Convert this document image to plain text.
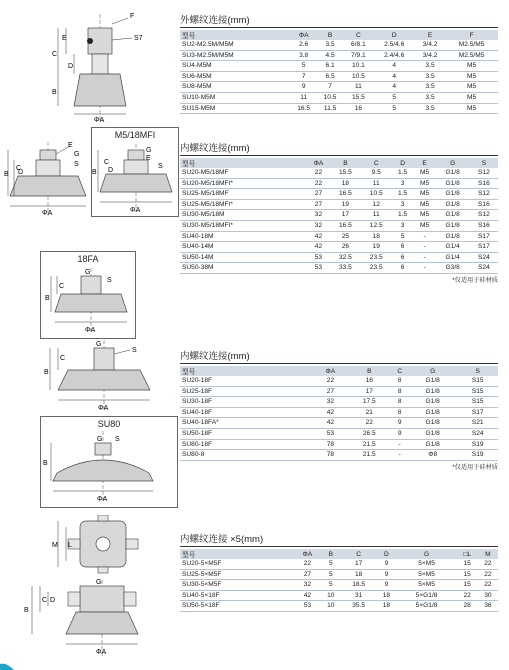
F
S7
E
D
C
B
ΦA
E
G
S
D
C
B
ΦA
M5/18MFI
G
E
S
D
C
B
ΦA
18FA
G
S
C
B
ΦA
G
S
C
B
ΦA
SU80
G S
B
ΦA
M L
G
D
C
B
ΦA
外螺纹连接(mm)
型号	ΦA	B	C	D	E	F
SU2-M2.5M/M5M	2.6	3.5	6/8.1	2.5/4.6	3/4.2	M2.5/M5
SU3-M2.5M/M5M	3.8	4.5	7/9.1	2.4/4.6	3/4.2	M2.5/M5
SU4-M5M	5	6.1	10.1	4	3.5	M5
SU6-M5M	7	6.5	10.5	4	3.5	M5
SU8-M5M	9	7	11	4	3.5	M5
SU10-M5M	11	10.5	15.5	5	3.5	M5
SU15-M5M	16.5	11.5	16	5	3.5	M5
内螺纹连接(mm)
型号	ΦA	B	C	D	E	G	S
SU20-M5/18MF	22	15.5	9.5	1.5	M5	G1/8	S12
SU20-M5/18MFI*	22	18	11	3	M5	G1/8	S16
SU25-M5/18MF	27	16.5	10.5	1.5	M5	G1/8	S12
SU25-M5/18MFI*	27	19	12	3	M5	G1/8	S16
SU30-M5/18M	32	17	11	1.5	M5	G1/8	S12
SU30-M5/18MFI*	32	16.5	12.5	3	M5	G1/8	S16
SU40-18M	42	25	18	5	-	G1/8	S17
SU40-14M	42	26	19	6	-	G1/4	S17
SU50-14M	53	32.5	23.5	6	-	G1/4	S24
SU50-38M	53	33.5	23.5	6	-	G3/8	S24
*仅适用于硅材质
内螺纹连接(mm)
型号	ΦA	B	C	G	S
SU20-18F	22	16	8	G1/8	S15
SU25-18F	27	17	8	G1/8	S15
SU30-18F	32	17.5	8	G1/8	S15
SU40-18F	42	21	8	G1/8	S17
SU40-18FA*	42	22	9	G1/8	S21
SU50-18F	53	26.5	9	G1/8	S24
SU80-18F	78	21.5	-	G1/8	S19
SU80-8	78	21.5	-	Φ8	S19
*仅适用于硅材质
内螺纹连接 ×5(mm)
型号	ΦA	B	C	D	G	□L	M
SU20-5×M5F	22	5	17	9	5×M5	15	22
SU25-5×M5F	27	5	18	9	5×M5	15	22
SU30-5×M5F	32	5	18.5	9	5×M5	15	22
SU40-5×18F	42	10	31	18	5×G1/8	22	30
SU50-5×18F	53	10	35.5	18	5×G1/8	28	36
